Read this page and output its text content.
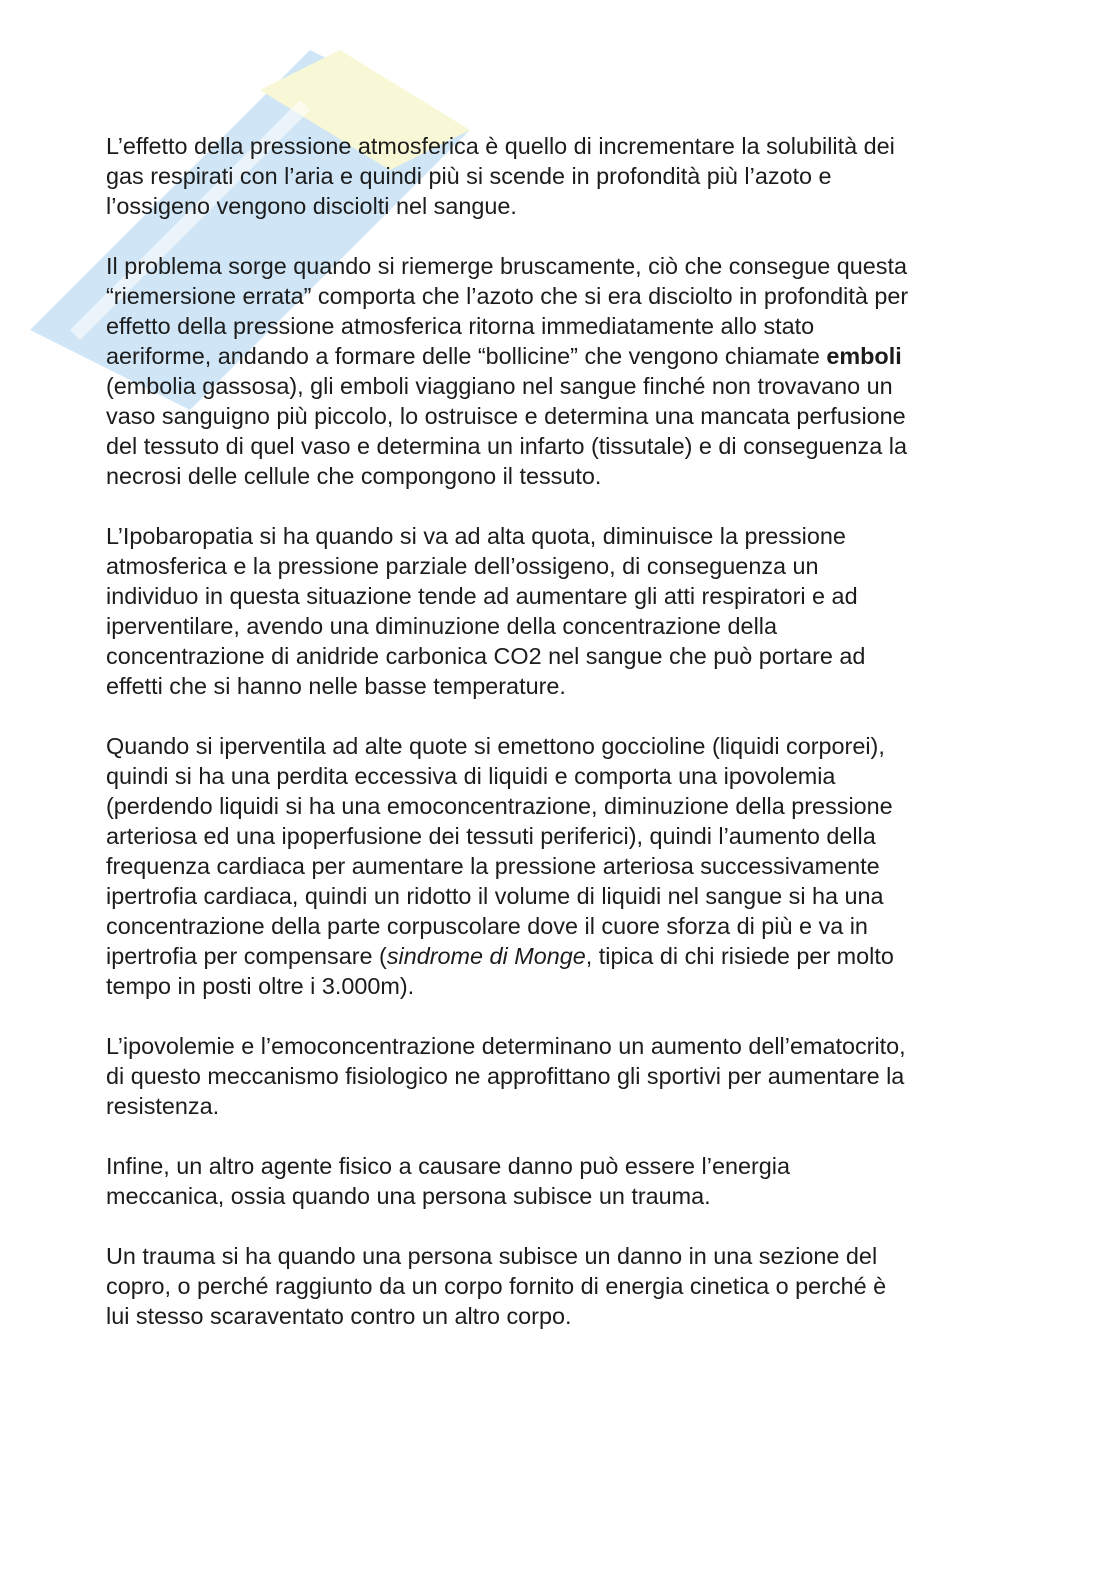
L’effetto della pressione atmosferica è quello di incrementare la solubilità dei
gas respirati con l’aria e quindi più si scende in profondità più l’azoto e
l’ossigeno vengono disciolti nel sangue.

Il problema sorge quando si riemerge bruscamente, ciò che consegue questa
“riemersione errata” comporta che l’azoto che si era disciolto in profondità per
effetto della pressione atmosferica ritorna immediatamente allo stato
aeriforme, andando a formare delle “bollicine” che vengono chiamate emboli
(embolia gassosa), gli emboli viaggiano nel sangue finché non trovavano un
vaso sanguigno più piccolo, lo ostruisce e determina una mancata perfusione
del tessuto di quel vaso e determina un infarto (tissutale) e di conseguenza la
necrosi delle cellule che compongono il tessuto.

L’Ipobaropatia si ha quando si va ad alta quota, diminuisce la pressione
atmosferica e la pressione parziale dell’ossigeno, di conseguenza un
individuo in questa situazione tende ad aumentare gli atti respiratori e ad
iperventilare, avendo una diminuzione della concentrazione della
concentrazione di anidride carbonica CO2 nel sangue che può portare ad
effetti che si hanno nelle basse temperature.

Quando si iperventila ad alte quote si emettono goccioline (liquidi corporei),
quindi si ha una perdita eccessiva di liquidi e comporta una ipovolemia
(perdendo liquidi si ha una emoconcentrazione, diminuzione della pressione
arteriosa ed una ipoperfusione dei tessuti periferici), quindi l’aumento della
frequenza cardiaca per aumentare la pressione arteriosa successivamente
ipertrofia cardiaca, quindi un ridotto il volume di liquidi nel sangue si ha una
concentrazione della parte corpuscolare dove il cuore sforza di più e va in
ipertrofia per compensare (sindrome di Monge, tipica di chi risiede per molto
tempo in posti oltre i 3.000m).

L’ipovolemie e l’emoconcentrazione determinano un aumento dell’ematocrito,
di questo meccanismo fisiologico ne approfittano gli sportivi per aumentare la
resistenza.

Infine, un altro agente fisico a causare danno può essere l’energia
meccanica, ossia quando una persona subisce un trauma.

Un trauma si ha quando una persona subisce un danno in una sezione del
copro, o perché raggiunto da un corpo fornito di energia cinetica o perché è
lui stesso scaraventato contro un altro corpo.
